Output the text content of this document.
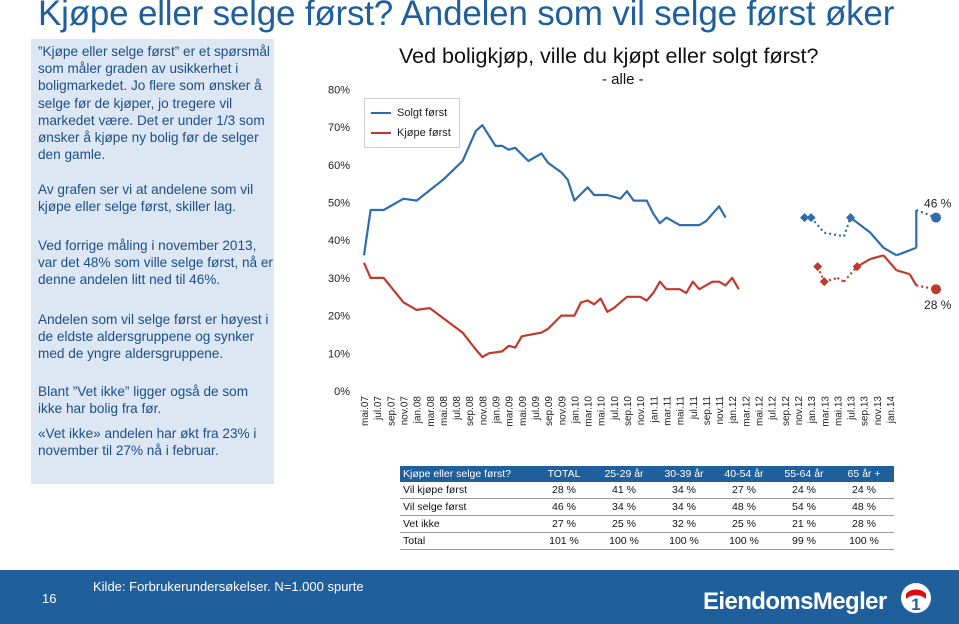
Kjøpe eller selge først? Andelen som vil selge først øker

”Kjøpe eller selge først” er et spørsmål som måler graden av usikkerhet i boligmarkedet. Jo flere som ønsker å selge før de kjøper, jo tregere vil markedet være. Det er under 1/3 som ønsker å kjøpe ny bolig før de selger den gamle.

Av grafen ser vi at andelene som vil kjøpe eller selge først, skiller lag.

Ved forrige måling i november 2013, var det 48% som ville selge først, nå er denne andelen litt ned til 46%.

Andelen som vil selge først er høyest i de eldste aldersgruppene og synker med de yngre aldersgruppene.

Blant ”Vet ikke” ligger også de som ikke har bolig fra før.

«Vet ikke» andelen har økt fra 23% i november til 27% nå i februar.

0%
10%
20%
30%
40%
50%
60%
70%
80%
mai.07 jul.07 sep.07 nov.07 jan.08 mar.08 mai.08 jul.08 sep.08 nov.08 jan.09 mar.09 mai.09 jul.09 sep.09 nov.09 jan.10 mar.10 mai.10 jul.10 sep.10 nov.10 jan.11 mar.11 mai.11 jul.11 sep.11 nov.11 jan.12 mar.12 mai.12 jul.12 sep.12 nov.12 jan.13 mar.13 mai.13 jul.13 sep.13 nov.13 jan.14
46 %
28 %
Ved boligkjøp, ville du kjøpt eller solgt først?
- alle -
Solgt først
Kjøpe først
Kjøpe eller selge først?	TOTAL	25-29 år	30-39 år	40-54 år	55-64 år	65 år +
Vil kjøpe først	28 %	41 %	34 %	27 %	24 %	24 %
Vil selge først	46 %	34 %	34 %	48 %	54 %	48 %
Vet ikke	27 %	25 %	32 %	25 %	21 %	28 %
Total	101 %	100 %	100 %	100 %	99 %	100 %
16
Kilde: Forbrukerundersøkelser. N=1.000 spurte
EiendomsMegler 1
